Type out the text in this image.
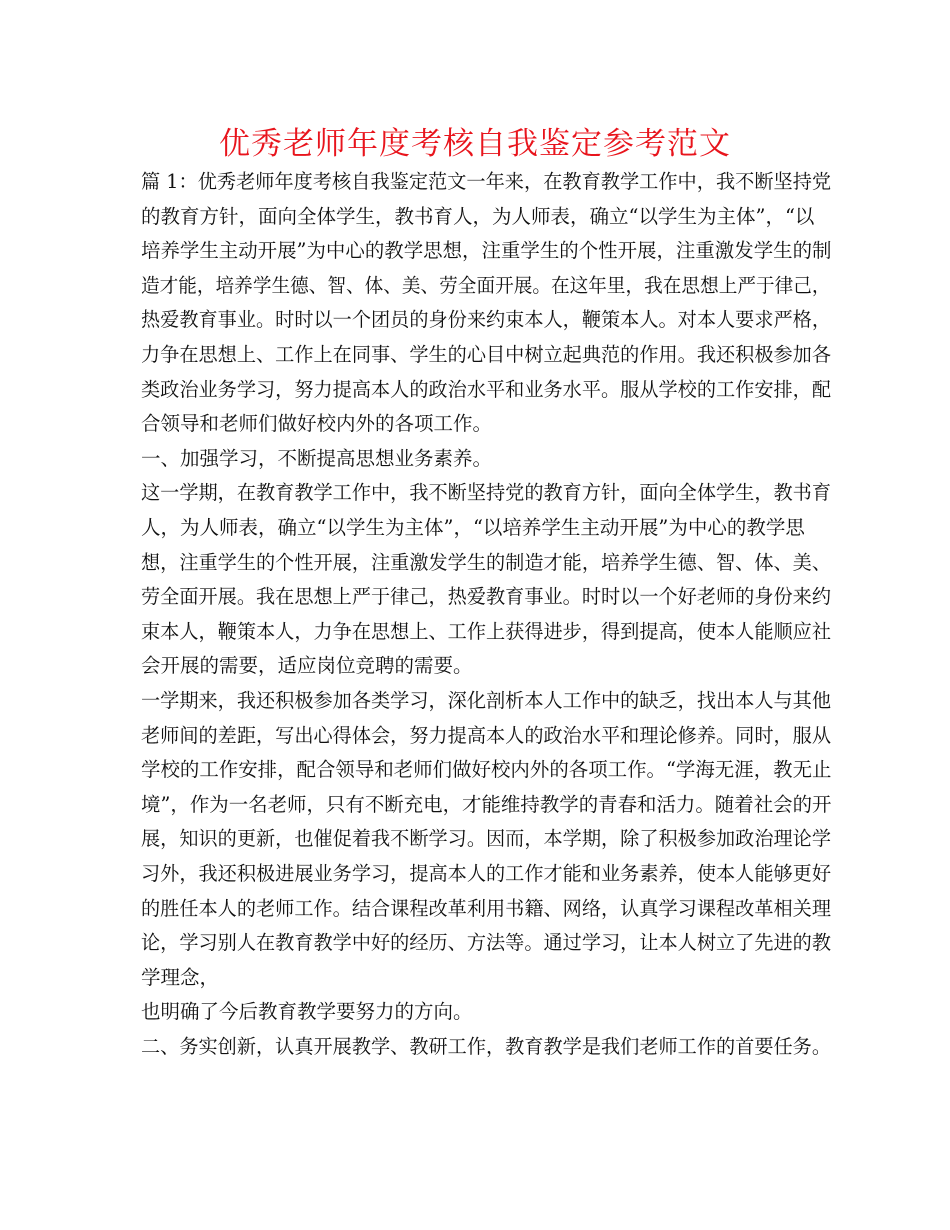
优秀老师年度考核自我鉴定参考范文
篇 1：优秀老师年度考核自我鉴定范文一年来，在教育教学工作中，我不断坚持党
的教育方针，面向全体学生，教书育人，为人师表，确立“以学生为主体”，“以
培养学生主动开展”为中心的教学思想，注重学生的个性开展，注重激发学生的制
造才能，培养学生德、智、体、美、劳全面开展。在这年里，我在思想上严于律己，
热爱教育事业。时时以一个团员的身份来约束本人，鞭策本人。对本人要求严格，
力争在思想上、工作上在同事、学生的心目中树立起典范的作用。我还积极参加各
类政治业务学习，努力提高本人的政治水平和业务水平。服从学校的工作安排，配
合领导和老师们做好校内外的各项工作。
一、加强学习，不断提高思想业务素养。
这一学期，在教育教学工作中，我不断坚持党的教育方针，面向全体学生，教书育
人，为人师表，确立“以学生为主体”，“以培养学生主动开展”为中心的教学思
想，注重学生的个性开展，注重激发学生的制造才能，培养学生德、智、体、美、
劳全面开展。我在思想上严于律己，热爱教育事业。时时以一个好老师的身份来约
束本人，鞭策本人，力争在思想上、工作上获得进步，得到提高，使本人能顺应社
会开展的需要，适应岗位竞聘的需要。
一学期来，我还积极参加各类学习，深化剖析本人工作中的缺乏，找出本人与其他
老师间的差距，写出心得体会，努力提高本人的政治水平和理论修养。同时，服从
学校的工作安排，配合领导和老师们做好校内外的各项工作。“学海无涯，教无止
境”，作为一名老师，只有不断充电，才能维持教学的青春和活力。随着社会的开
展，知识的更新，也催促着我不断学习。因而，本学期，除了积极参加政治理论学
习外，我还积极进展业务学习，提高本人的工作才能和业务素养，使本人能够更好
的胜任本人的老师工作。结合课程改革利用书籍、网络，认真学习课程改革相关理
论，学习别人在教育教学中好的经历、方法等。通过学习，让本人树立了先进的教
学理念，
也明确了今后教育教学要努力的方向。
二、务实创新，认真开展教学、教研工作，教育教学是我们老师工作的首要任务。
